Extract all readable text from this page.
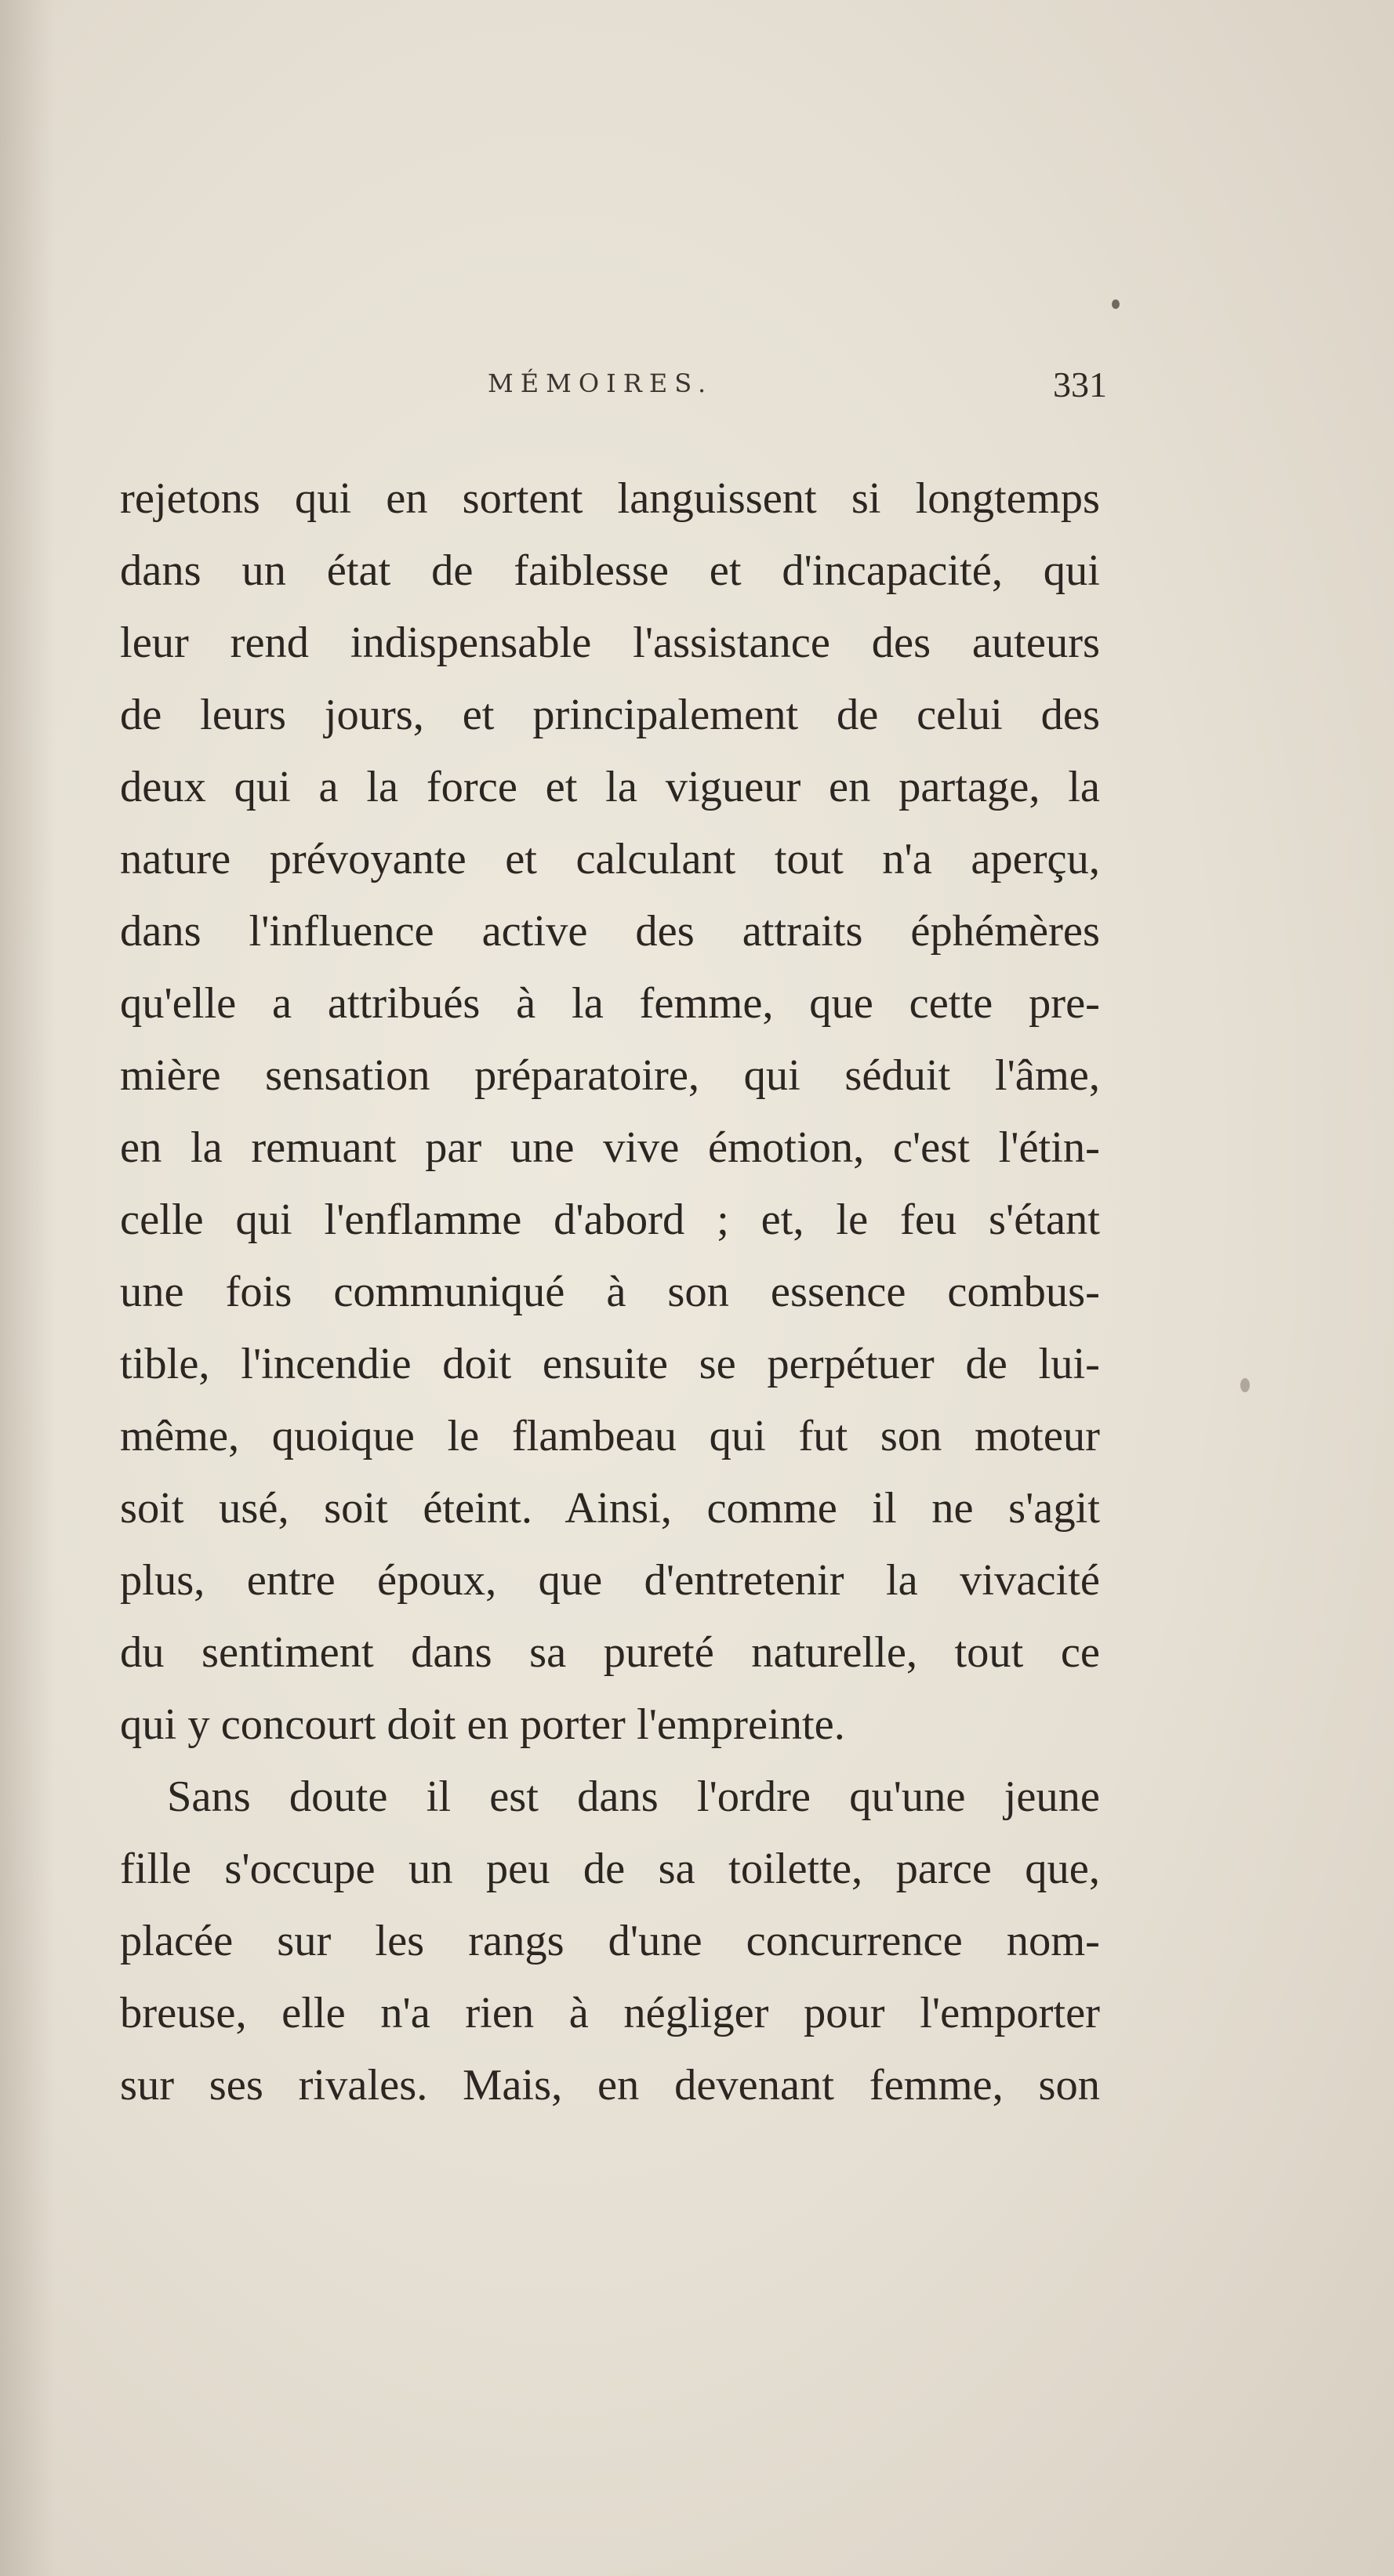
MÉMOIRES.	331
rejetons qui en sortent languissent si longtemps
dans un état de faiblesse et d'incapacité, qui
leur rend indispensable l'assistance des auteurs
de leurs jours, et principalement de celui des
deux qui a la force et la vigueur en partage, la
nature prévoyante et calculant tout n'a aperçu,
dans l'influence active des attraits éphémères
qu'elle a attribués à la femme, que cette pre-
mière sensation préparatoire, qui séduit l'âme,
en la remuant par une vive émotion, c'est l'étin-
celle qui l'enflamme d'abord ; et, le feu s'étant
une fois communiqué à son essence combus-
tible, l'incendie doit ensuite se perpétuer de lui-
même, quoique le flambeau qui fut son moteur
soit usé, soit éteint. Ainsi, comme il ne s'agit
plus, entre époux, que d'entretenir la vivacité
du sentiment dans sa pureté naturelle, tout ce
qui y concourt doit en porter l'empreinte.
Sans doute il est dans l'ordre qu'une jeune
fille s'occupe un peu de sa toilette, parce que,
placée sur les rangs d'une concurrence nom-
breuse, elle n'a rien à négliger pour l'emporter
sur ses rivales. Mais, en devenant femme, son
